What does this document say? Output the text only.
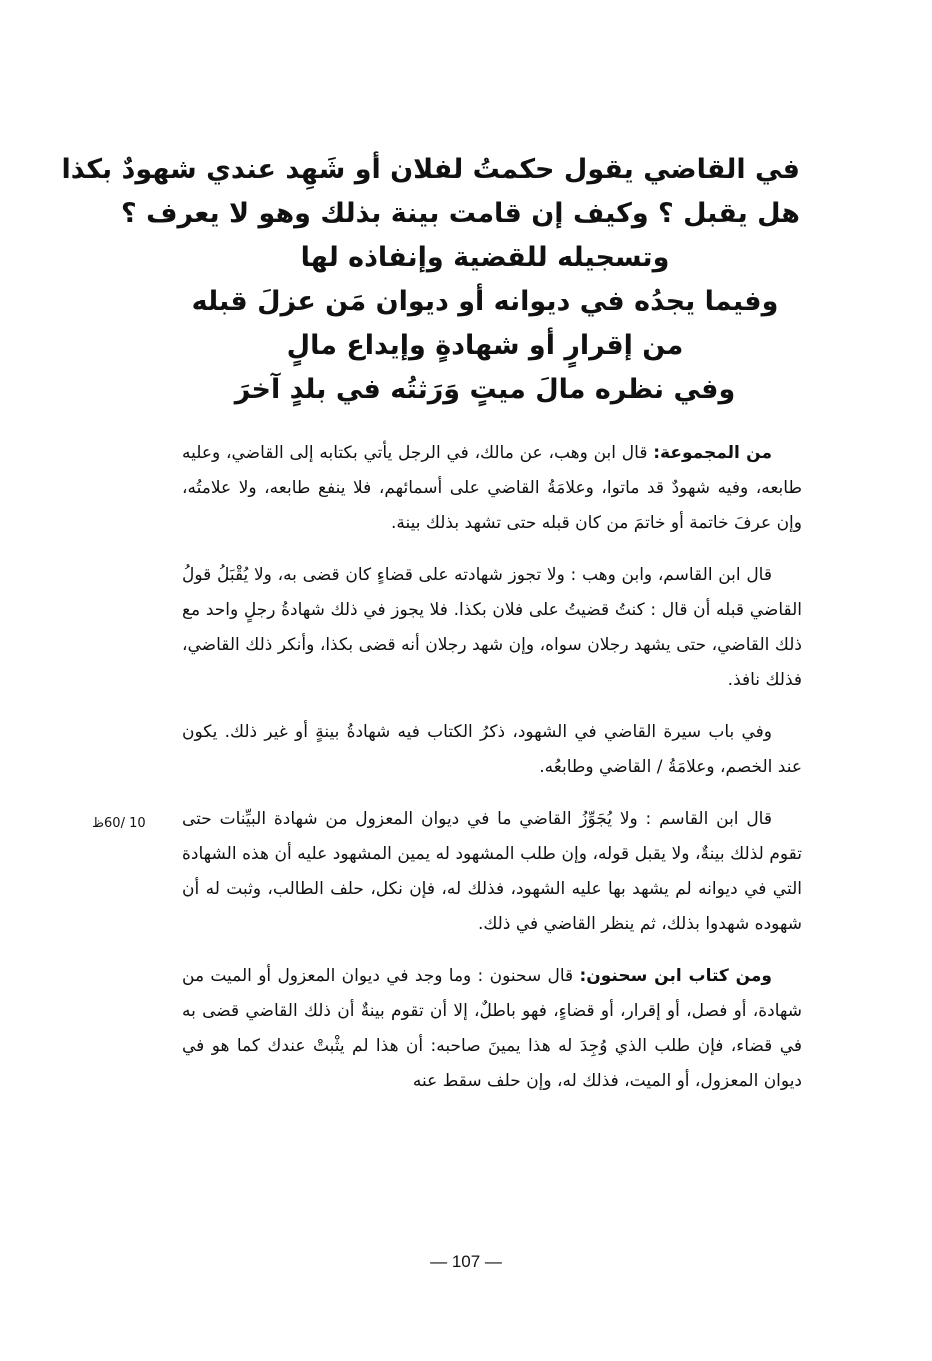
في القاضي يقول حكمتُ لفلان أو شَهِد عندي شهودٌ بكذا
هل يقبل ؟ وكيف إن قامت بينة بذلك وهو لا يعرف ؟
وتسجيله للقضية وإنفاذه لها
وفيما يجدُه في ديوانه أو ديوان مَن عزلَ قبله
من إقرارٍ أو شهادةٍ وإيداع مالٍ
وفي نظره مالَ ميتٍ وَرَثتُه في بلدٍ آخرَ

من المجموعة: قال ابن وهب، عن مالك، في الرجل يأتي بكتابه إلى القاضي، وعليه طابعه، وفيه شهودٌ قد ماتوا، وعلامَةُ القاضي على أسمائهم، فلا ينفع طابعه، ولا علامتُه، وإن عرفَ خاتمة أو خاتمَ من كان قبله حتى تشهد بذلك بينة.

قال ابن القاسم، وابن وهب : ولا تجوز شهادته على قضاءٍ كان قضى به، ولا يُقْبَلُ قولُ القاضي قبله أن قال : كنتُ قضيتُ على فلان بكذا. فلا يجوز في ذلك شهادةُ رجلٍ واحد مع ذلك القاضي، حتى يشهد رجلان سواه، وإن شهد رجلان أنه قضى بكذا، وأنكر ذلك القاضي، فذلك نافذ.

وفي باب سيرة القاضي في الشهود، ذكرُ الكتاب فيه شهادةُ بينةٍ أو غير ذلك. يكون عند الخصم، وعلامَةُ / القاضي وطابعُه.

قال ابن القاسم : ولا يُجَوِّزُ القاضي ما في ديوان المعزول من شهادة البيِّنات حتى تقوم لذلك بينةٌ، ولا يقبل قوله، وإن طلب المشهود له يمين المشهود عليه أن هذه الشهادة التي في ديوانه لم يشهد بها عليه الشهود، فذلك له، فإن نكل، حلف الطالب، وثبت له أن شهوده شهدوا بذلك، ثم ينظر القاضي في ذلك.

ومن كتاب ابن سحنون: قال سحنون : وما وجد في ديوان المعزول أو الميت من شهادة، أو فصل، أو إقرار، أو قضاءٍ، فهو باطلٌ، إلا أن تقوم بينةٌ أن ذلك القاضي قضى به في قضاء، فإن طلب الذي وُجِدَ له هذا يمينَ صاحبه: أن هذا لم يثْبتْ عندك كما هو في ديوان المعزول، أو الميت، فذلك له، وإن حلف سقط عنه

10 /60ظ
— 107 —
